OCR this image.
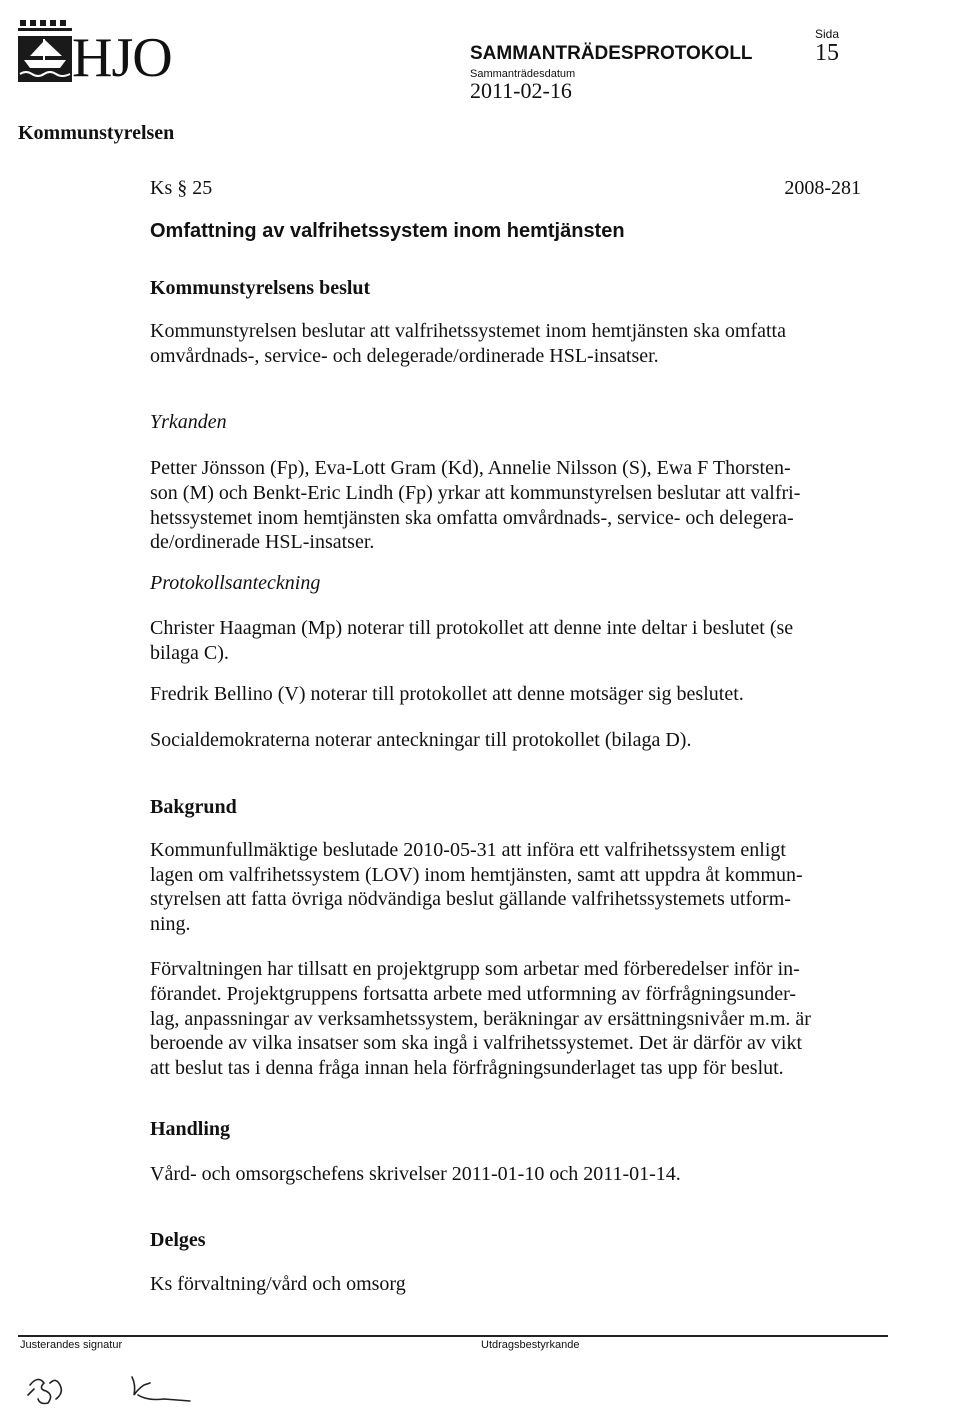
HJO	SAMMANTRÄDESPROTOKOLL
Sammanträdesdatum
2011-02-16
Sida
15
Kommunstyrelsen
Ks § 25	2008-281
Omfattning av valfrihetssystem inom hemtjänsten
Kommunstyrelsens beslut
Kommunstyrelsen beslutar att valfrihetssystemet inom hemtjänsten ska omfatta
omvårdnads-, service- och delegerade/ordinerade HSL-insatser.
Yrkanden
Petter Jönsson (Fp), Eva-Lott Gram (Kd), Annelie Nilsson (S), Ewa F Thorsten-
son (M) och Benkt-Eric Lindh (Fp) yrkar att kommunstyrelsen beslutar att valfri-
hetssystemet inom hemtjänsten ska omfatta omvårdnads-, service- och delegera-
de/ordinerade HSL-insatser.
Protokollsanteckning
Christer Haagman (Mp) noterar till protokollet att denne inte deltar i beslutet (se
bilaga C).
Fredrik Bellino (V) noterar till protokollet att denne motsäger sig beslutet.
Socialdemokraterna noterar anteckningar till protokollet (bilaga D).
Bakgrund
Kommunfullmäktige beslutade 2010-05-31 att införa ett valfrihetssystem enligt
lagen om valfrihetssystem (LOV) inom hemtjänsten, samt att uppdra åt kommun-
styrelsen att fatta övriga nödvändiga beslut gällande valfrihetssystemets utform-
ning.
Förvaltningen har tillsatt en projektgrupp som arbetar med förberedelser inför in-
förandet. Projektgruppens fortsatta arbete med utformning av förfrågningsunder-
lag, anpassningar av verksamhetssystem, beräkningar av ersättningsnivåer m.m. är
beroende av vilka insatser som ska ingå i valfrihetssystemet. Det är därför av vikt
att beslut tas i denna fråga innan hela förfrågningsunderlaget tas upp för beslut.
Handling
Vård- och omsorgschefens skrivelser 2011-01-10 och 2011-01-14.
Delges
Ks förvaltning/vård och omsorg
Justerandes signatur	Utdragsbestyrkande
